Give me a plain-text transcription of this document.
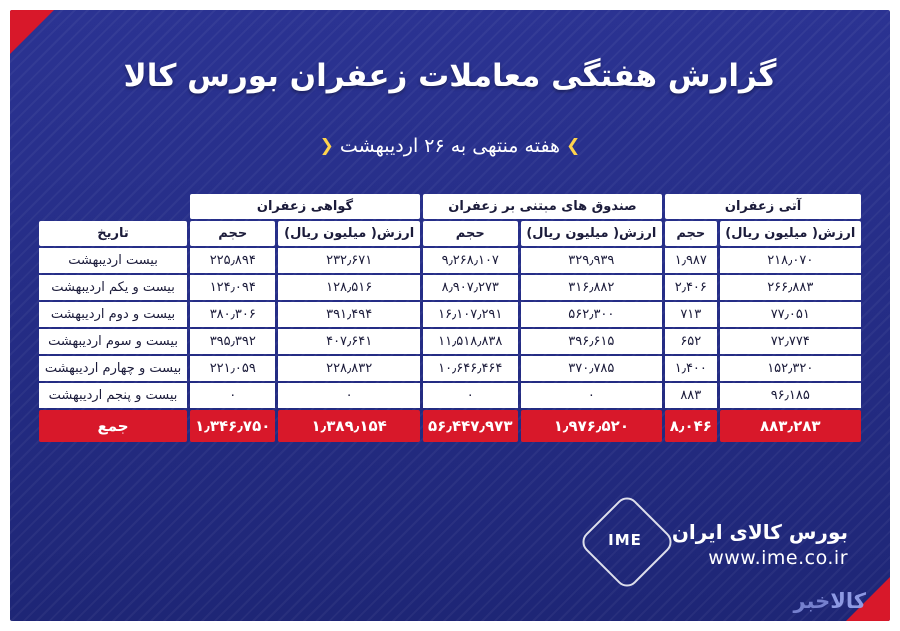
گزارش هفتگی معاملات زعفران بورس کالا
❯هفته منتهی به ۲۶ اردیبهشت❮
آتی زعفران		صندوق های مبتنی بر زعفران		گواهی زعفران		
ارزش( میلیون ریال)	حجم	ارزش( میلیون ریال)	حجم	ارزش( میلیون ریال)	حجم	تاریخ
۲۱۸٫۰۷۰	۱٫۹۸۷	۳۲۹٫۹۳۹	۹٫۲۶۸٫۱۰۷	۲۳۲٫۶۷۱	۲۲۵٫۸۹۴	بیست اردیبهشت
۲۶۶٫۸۸۳	۲٫۴۰۶	۳۱۶٫۸۸۲	۸٫۹۰۷٫۲۷۳	۱۲۸٫۵۱۶	۱۲۴٫۰۹۴	بیست و یکم اردیبهشت
۷۷٫۰۵۱	۷۱۳	۵۶۲٫۳۰۰	۱۶٫۱۰۷٫۲۹۱	۳۹۱٫۴۹۴	۳۸۰٫۳۰۶	بیست و دوم اردیبهشت
۷۲٫۷۷۴	۶۵۲	۳۹۶٫۶۱۵	۱۱٫۵۱۸٫۸۳۸	۴۰۷٫۶۴۱	۳۹۵٫۳۹۲	بیست و سوم اردیبهشت
۱۵۲٫۳۲۰	۱٫۴۰۰	۳۷۰٫۷۸۵	۱۰٫۶۴۶٫۴۶۴	۲۲۸٫۸۳۲	۲۲۱٫۰۵۹	بیست و چهارم اردیبهشت
۹۶٫۱۸۵	۸۸۳	۰	۰	۰	۰	بیست و پنجم اردیبهشت
۸۸۳٫۲۸۳	۸٫۰۴۶	۱٫۹۷۶٫۵۲۰	۵۶٫۴۴۷٫۹۷۳	۱٫۳۸۹٫۱۵۴	۱٫۳۴۶٫۷۵۰	جمع
بورس کالای ایران
www.ime.co.ir
IME
کالاخبر
